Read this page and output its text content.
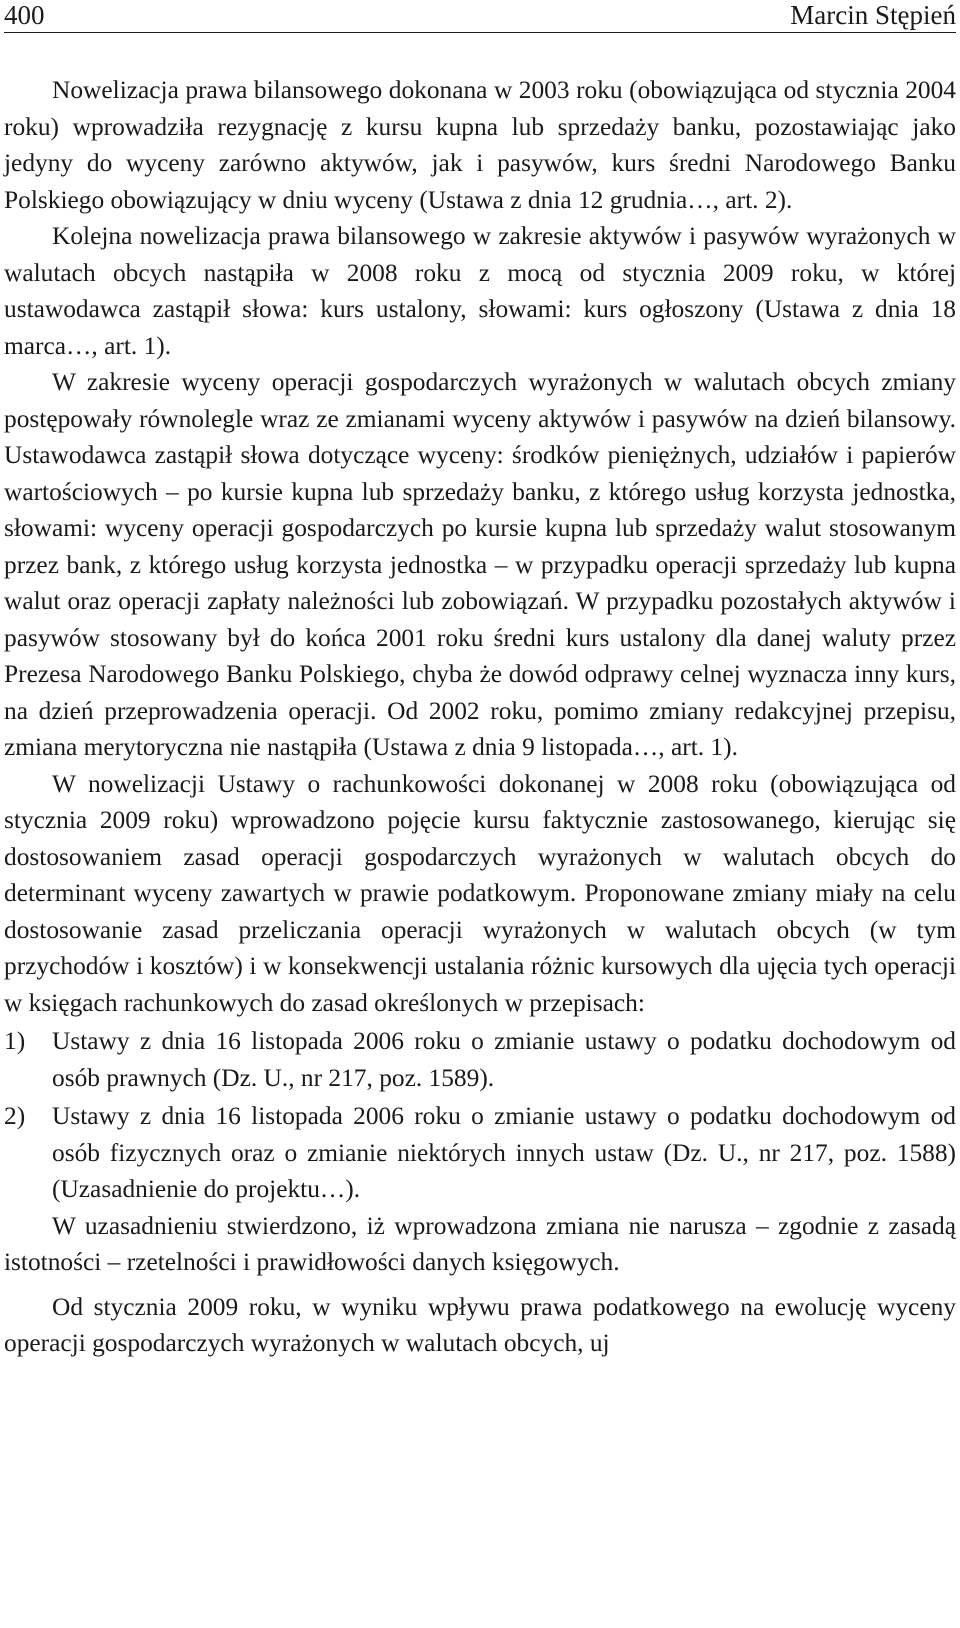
400	Marcin Stępień

Nowelizacja prawa bilansowego dokonana w 2003 roku (obowiązująca od stycznia 2004 roku) wprowadziła rezygnację z kursu kupna lub sprzedaży banku, pozostawiając jako jedyny do wyceny zarówno aktywów, jak i pasywów, kurs średni Narodowego Banku Polskiego obowiązujący w dniu wyceny (Ustawa z dnia 12 grudnia…, art. 2).

Kolejna nowelizacja prawa bilansowego w zakresie aktywów i pasywów wyrażonych w walutach obcych nastąpiła w 2008 roku z mocą od stycznia 2009 roku, w której ustawodawca zastąpił słowa: kurs ustalony, słowami: kurs ogłoszony (Ustawa z dnia 18 marca…, art. 1).

W zakresie wyceny operacji gospodarczych wyrażonych w walutach obcych zmiany postępowały równolegle wraz ze zmianami wyceny aktywów i pasywów na dzień bilansowy. Ustawodawca zastąpił słowa dotyczące wyceny: środków pieniężnych, udziałów i papierów wartościowych – po kursie kupna lub sprzedaży banku, z którego usług korzysta jednostka, słowami: wyceny operacji gospodarczych po kursie kupna lub sprzedaży walut stosowanym przez bank, z którego usług korzysta jednostka – w przypadku operacji sprzedaży lub kupna walut oraz operacji zapłaty należności lub zobowiązań. W przypadku pozostałych aktywów i pasywów stosowany był do końca 2001 roku średni kurs ustalony dla danej waluty przez Prezesa Narodowego Banku Polskiego, chyba że dowód odprawy celnej wyznacza inny kurs, na dzień przeprowadzenia operacji. Od 2002 roku, pomimo zmiany redakcyjnej przepisu, zmiana merytoryczna nie nastąpiła (Ustawa z dnia 9 listopada…, art. 1).

W nowelizacji Ustawy o rachunkowości dokonanej w 2008 roku (obowiązująca od stycznia 2009 roku) wprowadzono pojęcie kursu faktycznie zastosowanego, kierując się dostosowaniem zasad operacji gospodarczych wyrażonych w walutach obcych do determinant wyceny zawartych w prawie podatkowym. Proponowane zmiany miały na celu dostosowanie zasad przeliczania operacji wyrażonych w walutach obcych (w tym przychodów i kosztów) i w konsekwencji ustalania różnic kursowych dla ujęcia tych operacji w księgach rachunkowych do zasad określonych w przepisach:

1) Ustawy z dnia 16 listopada 2006 roku o zmianie ustawy o podatku dochodowym od osób prawnych (Dz. U., nr 217, poz. 1589).
2) Ustawy z dnia 16 listopada 2006 roku o zmianie ustawy o podatku dochodowym od osób fizycznych oraz o zmianie niektórych innych ustaw (Dz. U., nr 217, poz. 1588) (Uzasadnienie do projektu…).

W uzasadnieniu stwierdzono, iż wprowadzona zmiana nie narusza – zgodnie z zasadą istotności – rzetelności i prawidłowości danych księgowych.

Od stycznia 2009 roku, w wyniku wpływu prawa podatkowego na ewolucję wyceny operacji gospodarczych wyrażonych w walutach obcych, uj
